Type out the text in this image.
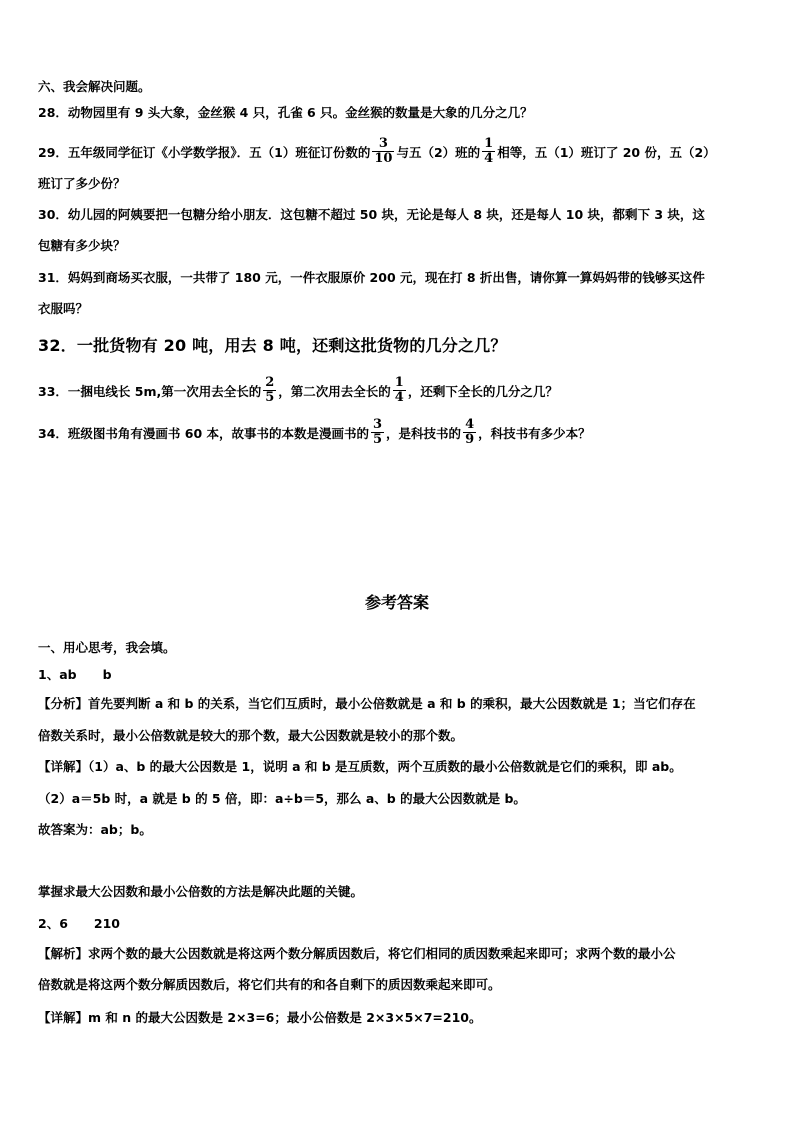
六、我会解决问题。
28．动物园里有 9 头大象，金丝猴 4 只，孔雀 6 只。金丝猴的数量是大象的几分之几？
29．五年级同学征订《小学数学报》．五（1）班征订份数的 $\frac{3}{10}$ 与五（2）班的 $\frac{1}{4}$ 相等，五（1）班订了 20 份，五（2）
班订了多少份？
30．幼儿园的阿姨要把一包糖分给小朋友．这包糖不超过 50 块，无论是每人 8 块，还是每人 10 块，都剩下 3 块，这
包糖有多少块？
31．妈妈到商场买衣服，一共带了 180 元，一件衣服原价 200 元，现在打 8 折出售，请你算一算妈妈带的钱够买这件
衣服吗？
32．一批货物有 20 吨，用去 8 吨，还剩这批货物的几分之几？
33．一捆电线长 5m,第一次用去全长的 $\frac{2}{5}$ ，第二次用去全长的 $\frac{1}{4}$ ，还剩下全长的几分之几？
34．班级图书角有漫画书 60 本，故事书的本数是漫画书的 $\frac{3}{5}$ ，是科技书的 $\frac{4}{9}$ ，科技书有多少本？
参考答案
一、用心思考，我会填。
1、ab b
【分析】首先要判断 a 和 b 的关系，当它们互质时，最小公倍数就是 a 和 b 的乘积，最大公因数就是 1；当它们存在
倍数关系时，最小公倍数就是较大的那个数，最大公因数就是较小的那个数。
【详解】（1）a、b 的最大公因数是 1，说明 a 和 b 是互质数，两个互质数的最小公倍数就是它们的乘积，即 ab。
（2）a＝5b 时，a 就是 b 的 5 倍，即：a÷b＝5，那么 a、b 的最大公因数就是 b。
故答案为：ab；b。
掌握求最大公因数和最小公倍数的方法是解决此题的关键。
2、6 210
【解析】求两个数的最大公因数就是将这两个数分解质因数后，将它们相同的质因数乘起来即可；求两个数的最小公
倍数就是将这两个数分解质因数后，将它们共有的和各自剩下的质因数乘起来即可。
【详解】m 和 n 的最大公因数是 2×3=6；最小公倍数是 2×3×5×7=210。
